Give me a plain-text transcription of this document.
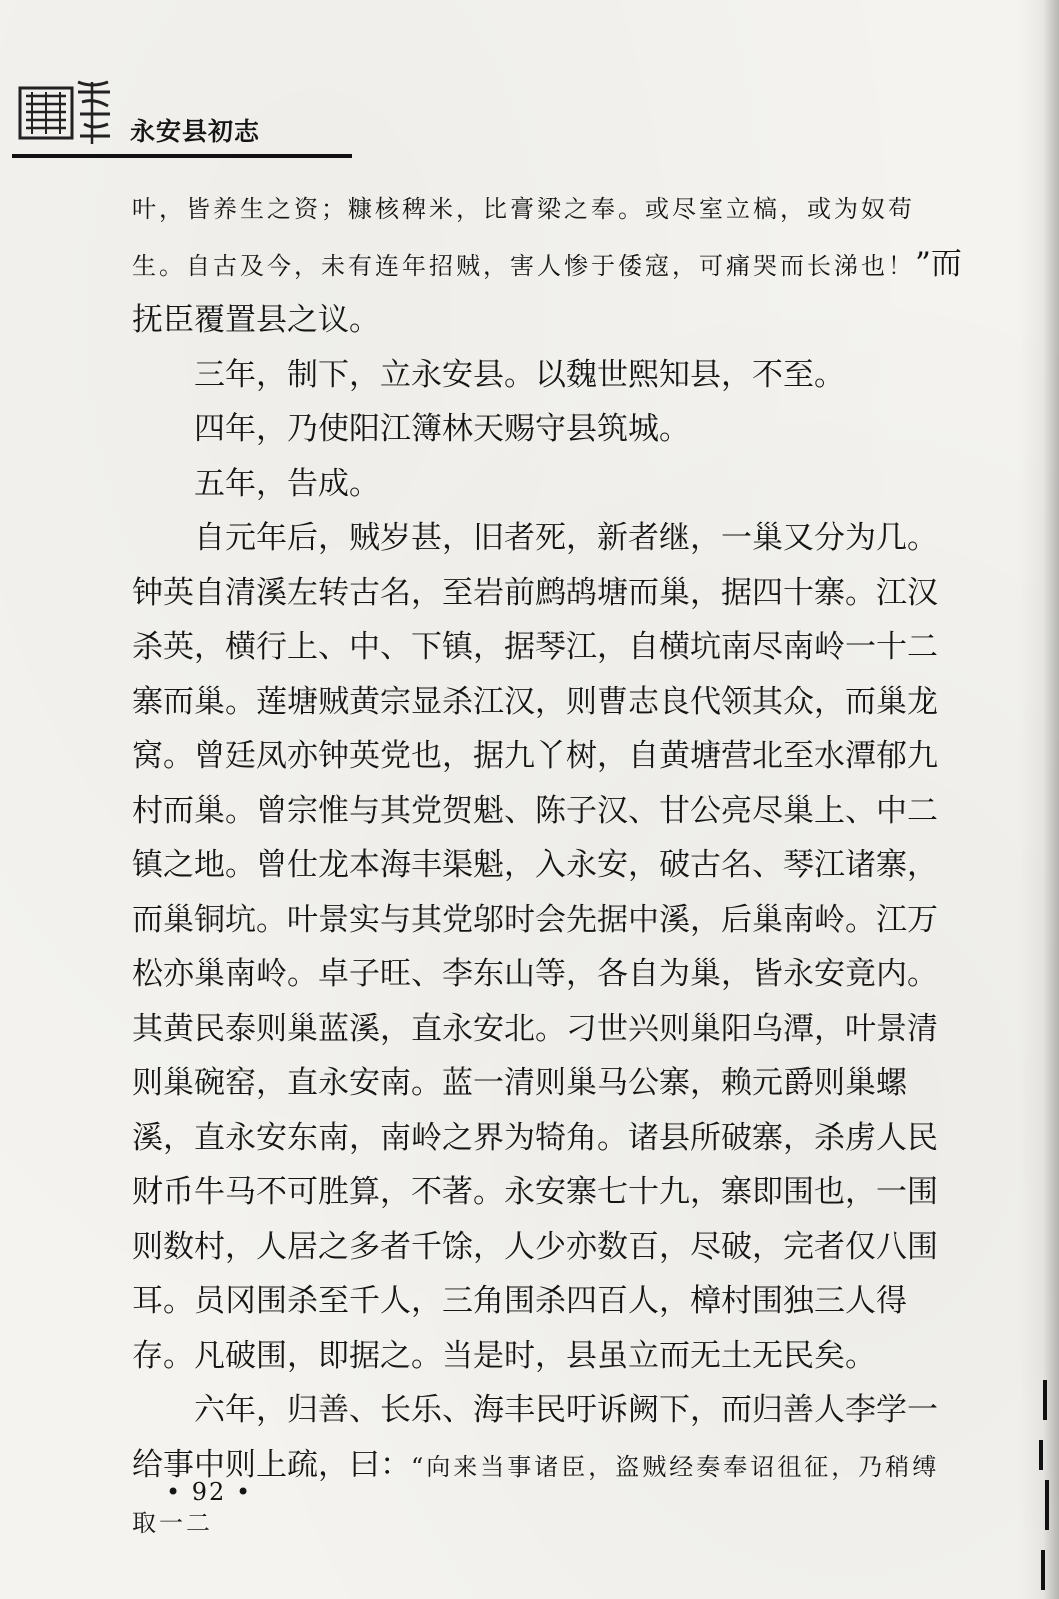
永安县初志

叶，皆养生之资；糠核稗米，比膏梁之奉。或尽室立槁，或为奴苟生。自古及今，未有连年招贼，害人惨于倭寇，可痛哭而长涕也！”而抚臣覆置县之议。

三年，制下，立永安县。以魏世熙知县，不至。

四年，乃使阳江簿林天赐守县筑城。

五年，告成。

自元年后，贼岁甚，旧者死，新者继，一巢又分为几。钟英自清溪左转古名，至岩前鹧鸪塘而巢，据四十寨。江汉杀英，横行上、中、下镇，据琴江，自横坑南尽南岭一十二寨而巢。莲塘贼黄宗显杀江汉，则曹志良代领其众，而巢龙窝。曾廷凤亦钟英党也，据九丫树，自黄塘营北至水潭郁九村而巢。曾宗惟与其党贺魁、陈子汉、甘公亮尽巢上、中二镇之地。曾仕龙本海丰渠魁，入永安，破古名、琴江诸寨，而巢铜坑。叶景实与其党邬时会先据中溪，后巢南岭。江万松亦巢南岭。卓子旺、李东山等，各自为巢，皆永安竟内。其黄民泰则巢蓝溪，直永安北。刁世兴则巢阳乌潭，叶景清则巢碗窑，直永安南。蓝一清则巢马公寨，赖元爵则巢螺溪，直永安东南，南岭之界为犄角。诸县所破寨，杀虏人民财币牛马不可胜算，不著。永安寨七十九，寨即围也，一围则数村，人居之多者千馀，人少亦数百，尽破，完者仅八围耳。员冈围杀至千人，三角围杀四百人，樟村围独三人得存。凡破围，即据之。当是时，县虽立而无土无民矣。

六年，归善、长乐、海丰民吁诉阙下，而归善人李学一给事中则上疏，曰：“向来当事诸臣，盗贼经奏奉诏徂征，乃稍缚取一二

• 92 •
